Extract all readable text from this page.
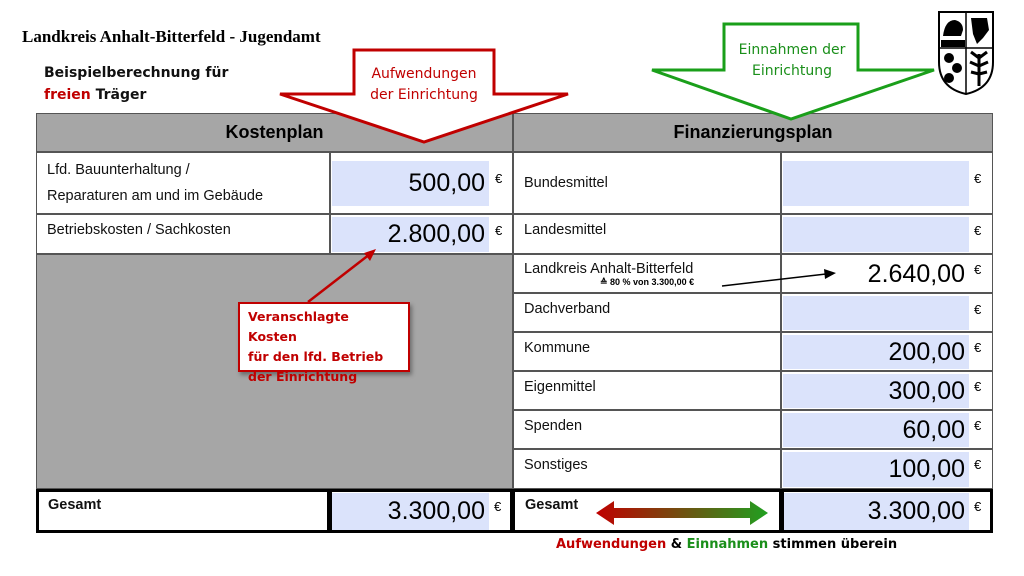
Landkreis Anhalt-Bitterfeld - Jugendamt
Beispielberechnung für
freien Träger
Kostenplan	Finanzierungsplan
Lfd. Bauunterhaltung /
Reparaturen am und im Gebäude	500,00 €
Betriebskosten / Sachkosten	2.800,00 €
Bundesmittel	€
Landesmittel	€
Landkreis Anhalt-Bitterfeld
≙ 80 % von 3.300,00 €	2.640,00 €
Dachverband	€
Kommune	200,00 €
Eigenmittel	300,00 €
Spenden	60,00 €
Sonstiges	100,00 €
Gesamt	3.300,00 € Gesamt	3.300,00 €
Aufwendungen
der Einrichtung
Einnahmen der
Einrichtung
Veranschlagte Kosten
für den lfd. Betrieb
der Einrichtung
Aufwendungen & Einnahmen stimmen überein
